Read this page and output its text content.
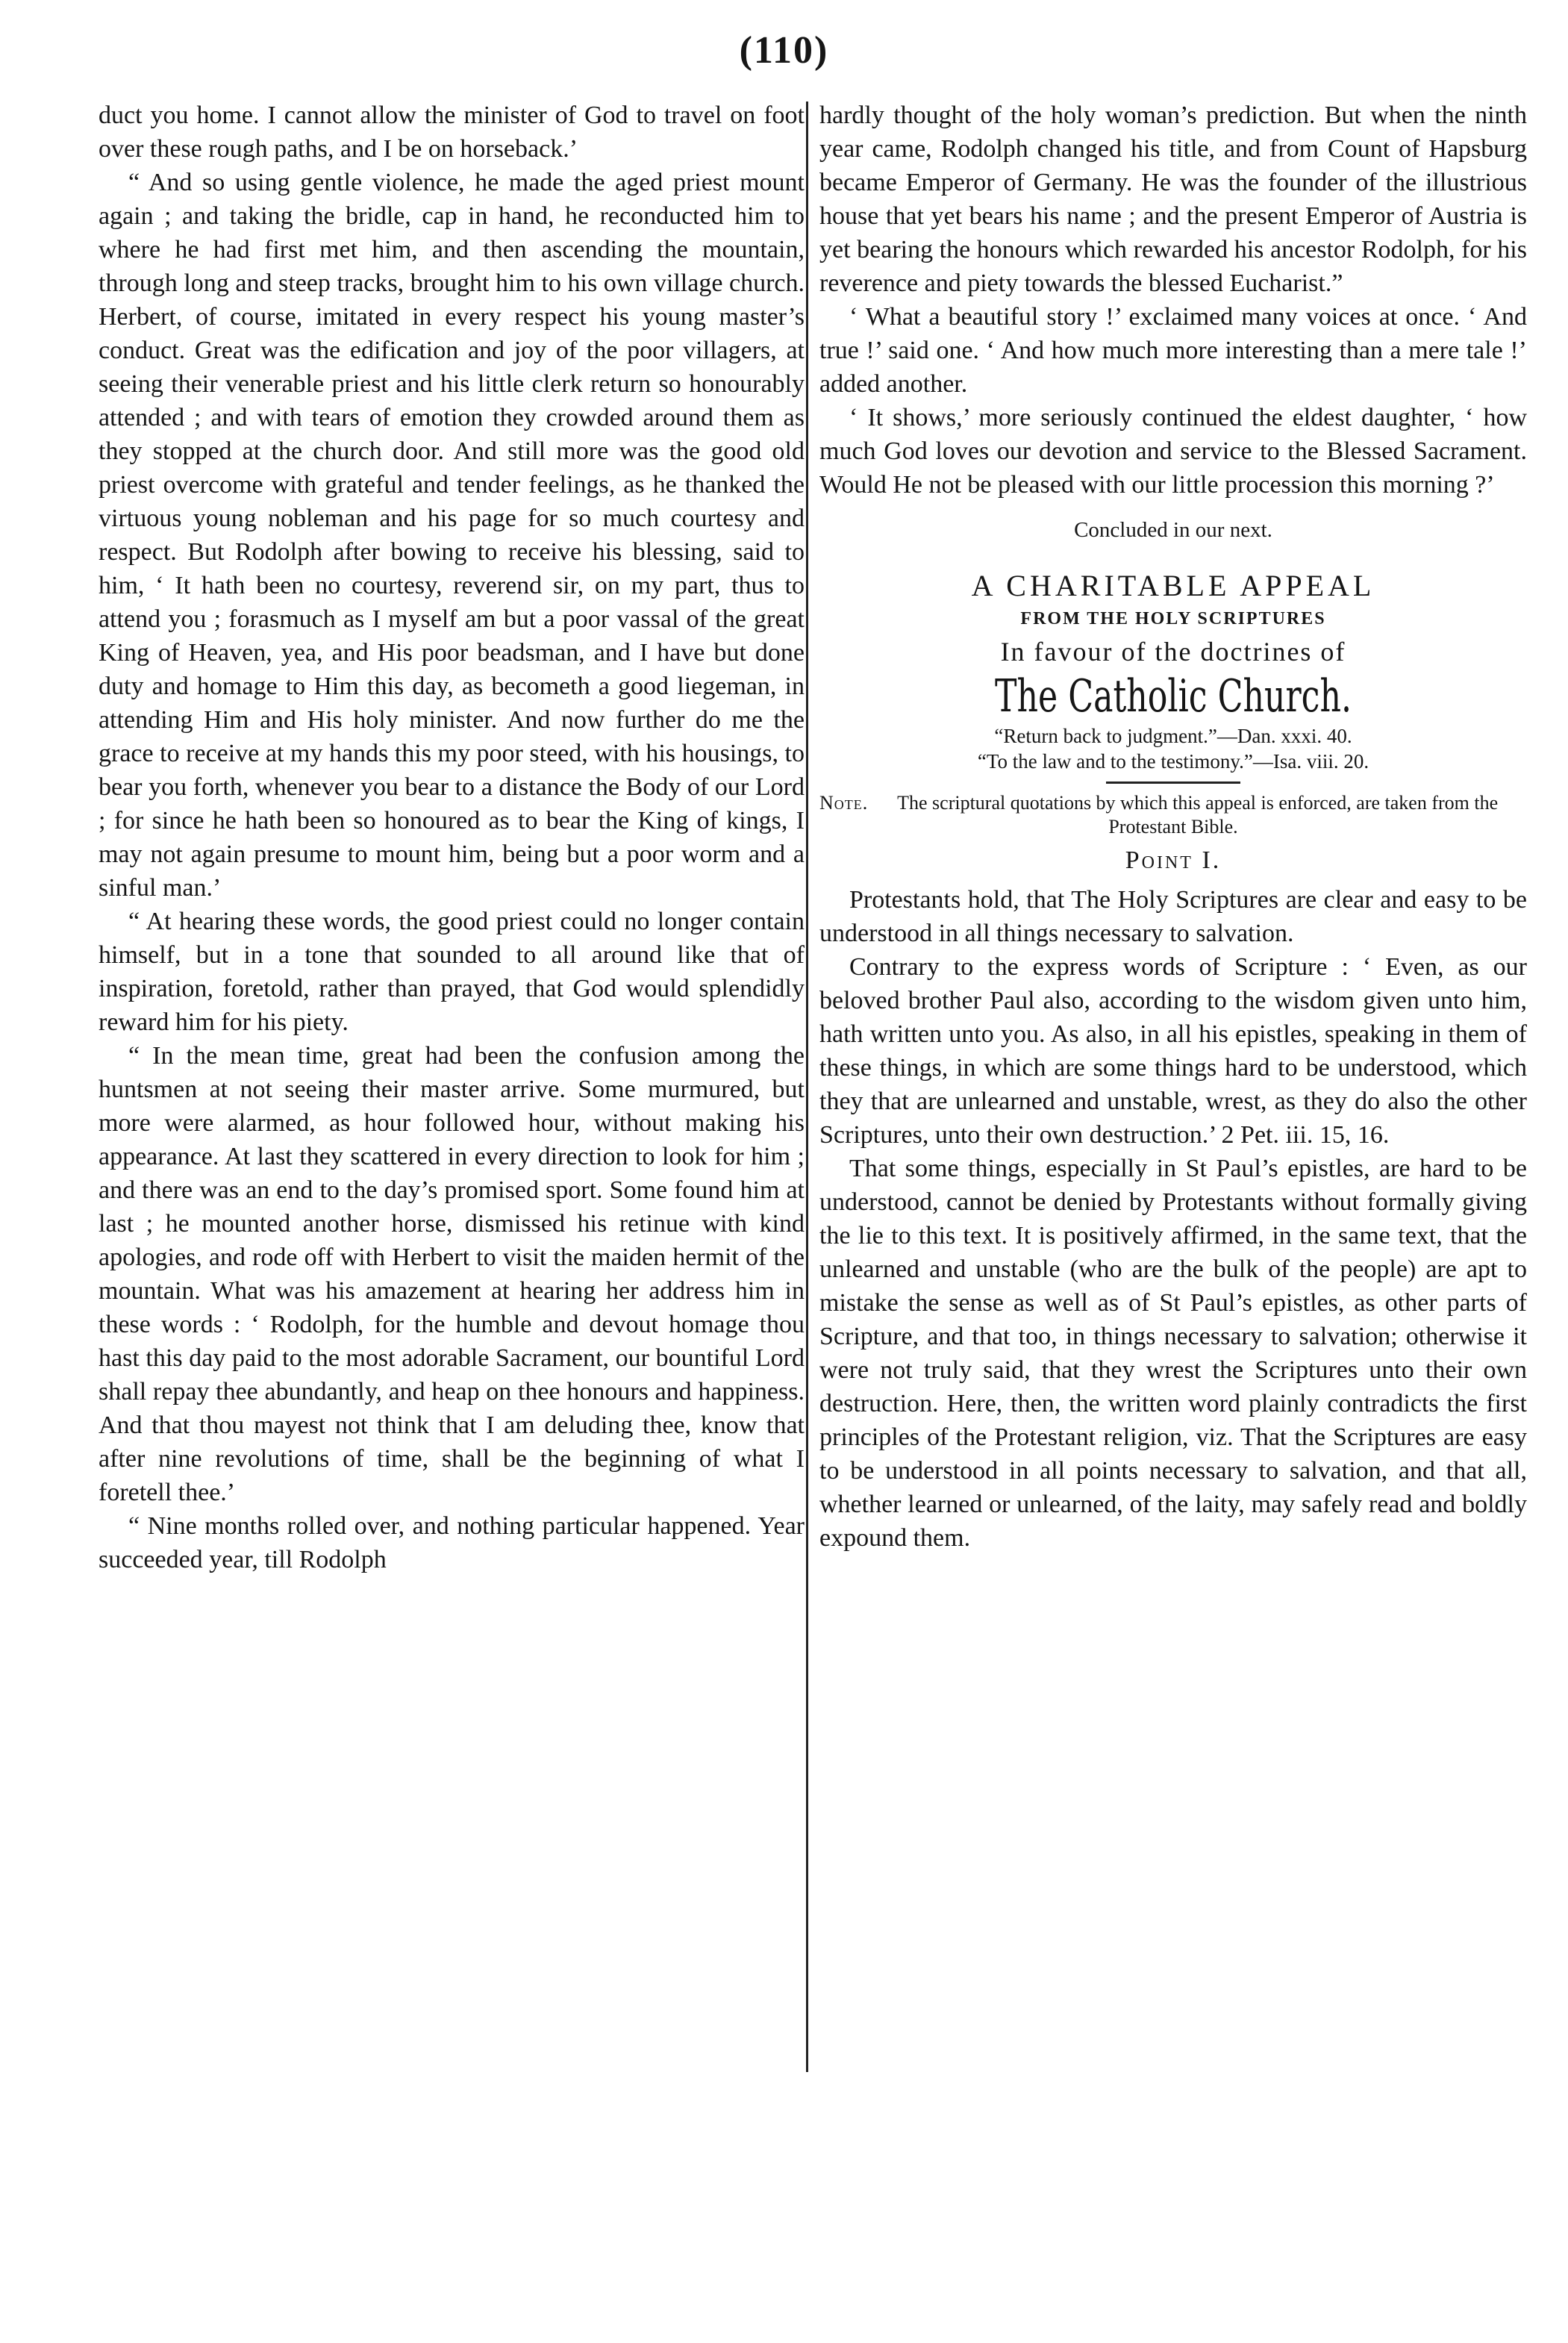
(110)

duct you home. I cannot allow the minister of God to travel on foot over these rough paths, and I be on horseback.’

“ And so using gentle violence, he made the aged priest mount again ; and taking the bridle, cap in hand, he reconducted him to where he had first met him, and then ascending the mountain, through long and steep tracks, brought him to his own village church. Herbert, of course, imitated in every respect his young master’s conduct. Great was the edification and joy of the poor villagers, at seeing their venerable priest and his little clerk return so honourably attended ; and with tears of emotion they crowded around them as they stopped at the church door. And still more was the good old priest overcome with grateful and tender feelings, as he thanked the virtuous young nobleman and his page for so much courtesy and respect. But Rodolph after bowing to receive his blessing, said to him, ‘ It hath been no courtesy, reverend sir, on my part, thus to attend you ; forasmuch as I myself am but a poor vassal of the great King of Heaven, yea, and His poor beadsman, and I have but done duty and homage to Him this day, as becometh a good liegeman, in attending Him and His holy minister. And now further do me the grace to receive at my hands this my poor steed, with his housings, to bear you forth, whenever you bear to a distance the Body of our Lord ; for since he hath been so honoured as to bear the King of kings, I may not again presume to mount him, being but a poor worm and a sinful man.’

“ At hearing these words, the good priest could no longer contain himself, but in a tone that sounded to all around like that of inspiration, foretold, rather than prayed, that God would splendidly reward him for his piety.

“ In the mean time, great had been the confusion among the huntsmen at not seeing their master arrive. Some murmured, but more were alarmed, as hour followed hour, without making his appearance. At last they scattered in every direction to look for him ; and there was an end to the day’s promised sport. Some found him at last ; he mounted another horse, dismissed his retinue with kind apologies, and rode off with Herbert to visit the maiden hermit of the mountain. What was his amazement at hearing her address him in these words : ‘ Rodolph, for the humble and devout homage thou hast this day paid to the most adorable Sacrament, our bountiful Lord shall repay thee abundantly, and heap on thee honours and happiness. And that thou mayest not think that I am deluding thee, know that after nine revolutions of time, shall be the beginning of what I foretell thee.’

“ Nine months rolled over, and nothing particular happened. Year succeeded year, till Rodolph

hardly thought of the holy woman’s prediction. But when the ninth year came, Rodolph changed his title, and from Count of Hapsburg became Emperor of Germany. He was the founder of the illustrious house that yet bears his name ; and the present Emperor of Austria is yet bearing the honours which rewarded his ancestor Rodolph, for his reverence and piety towards the blessed Eucharist.”

‘ What a beautiful story !’ exclaimed many voices at once. ‘ And true !’ said one. ‘ And how much more interesting than a mere tale !’ added another.

‘ It shows,’ more seriously continued the eldest daughter, ‘ how much God loves our devotion and service to the Blessed Sacrament. Would He not be pleased with our little procession this morning ?’

Concluded in our next.
A CHARITABLE APPEAL
FROM THE HOLY SCRIPTURES
In favour of the doctrines of
The Catholic Church.
“Return back to judgment.”—Dan. xxxi. 40.
“To the law and to the testimony.”—Isa. viii. 20.
Note. The scriptural quotations by which this appeal is enforced, are taken from the Protestant Bible.
Point I.

Protestants hold, that The Holy Scriptures are clear and easy to be understood in all things necessary to salvation.

Contrary to the express words of Scripture : ‘ Even, as our beloved brother Paul also, according to the wisdom given unto him, hath written unto you. As also, in all his epistles, speaking in them of these things, in which are some things hard to be understood, which they that are unlearned and unstable, wrest, as they do also the other Scriptures, unto their own destruction.’ 2 Pet. iii. 15, 16.

That some things, especially in St Paul’s epistles, are hard to be understood, cannot be denied by Protestants without formally giving the lie to this text. It is positively affirmed, in the same text, that the unlearned and unstable (who are the bulk of the people) are apt to mistake the sense as well as of St Paul’s epistles, as other parts of Scripture, and that too, in things necessary to salvation; otherwise it were not truly said, that they wrest the Scriptures unto their own destruction. Here, then, the written word plainly contradicts the first principles of the Protestant religion, viz. That the Scriptures are easy to be understood in all points necessary to salvation, and that all, whether learned or unlearned, of the laity, may safely read and boldly expound them.
